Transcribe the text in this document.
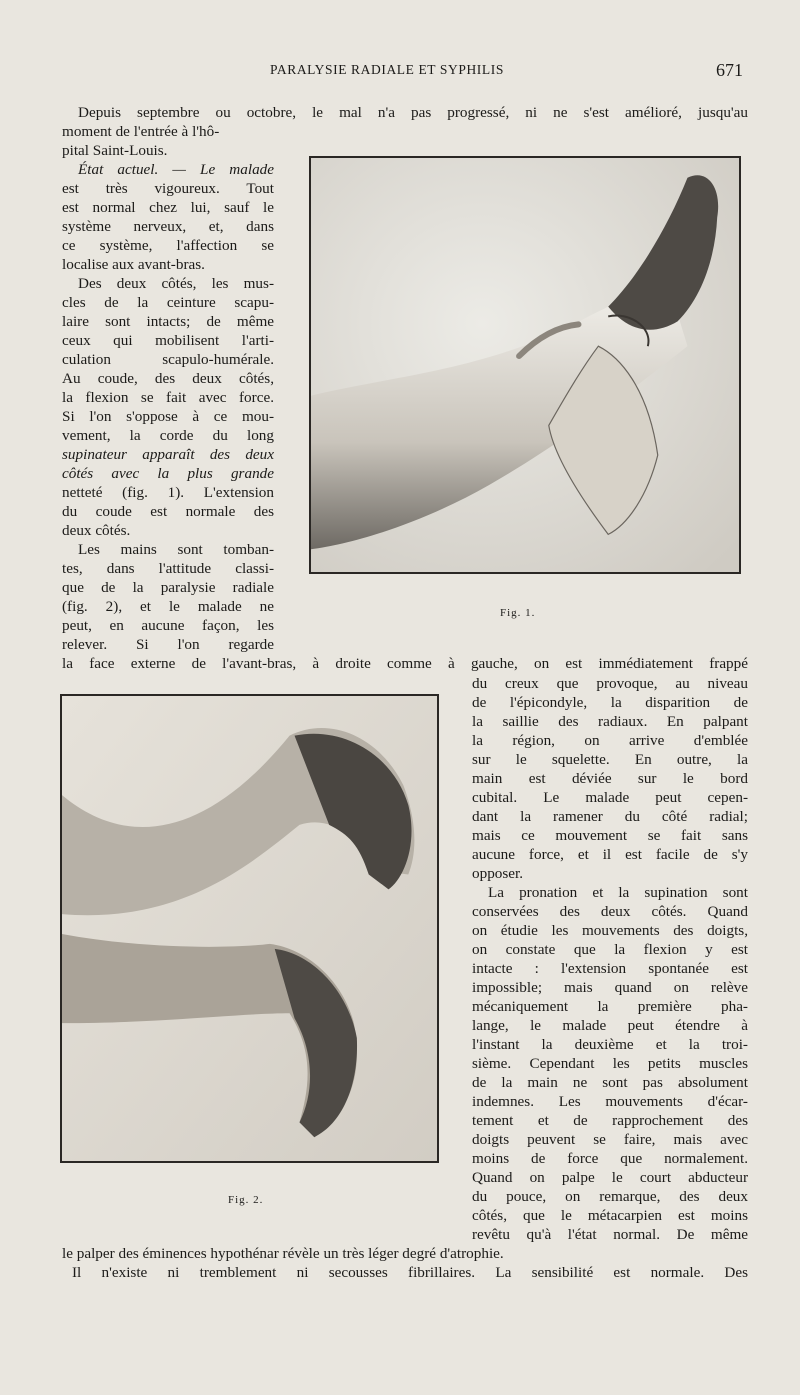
PARALYSIE RADIALE ET SYPHILIS	671
Fig. 1.
Fig. 2.
Depuis septembre ou octobre, le mal n'a pas progressé, ni ne s'est amélioré, jusqu'au
moment de l'entrée à l'hô-
pital Saint-Louis.
État actuel. — Le malade
est très vigoureux. Tout
est normal chez lui, sauf le
système nerveux, et, dans
ce système, l'affection se
localise aux avant-bras.
Des deux côtés, les mus-
cles de la ceinture scapu-
laire sont intacts; de même
ceux qui mobilisent l'arti-
culation scapulo-humérale.
Au coude, des deux côtés,
la flexion se fait avec force.
Si l'on s'oppose à ce mou-
vement, la corde du long
supinateur apparaît des deux
côtés avec la plus grande
netteté (fig. 1). L'extension
du coude est normale des
deux côtés.
Les mains sont tomban-
tes, dans l'attitude classi-
que de la paralysie radiale
(fig. 2), et le malade ne
peut, en aucune façon, les
relever. Si l'on regarde
la face externe de l'avant-bras, à droite comme à gauche, on est immédiatement frappé
du creux que provoque, au niveau
de l'épicondyle, la disparition de
la saillie des radiaux. En palpant
la région, on arrive d'emblée
sur le squelette. En outre, la
main est déviée sur le bord
cubital. Le malade peut cepen-
dant la ramener du côté radial;
mais ce mouvement se fait sans
aucune force, et il est facile de s'y
opposer.
La pronation et la supination sont
conservées des deux côtés. Quand
on étudie les mouvements des doigts,
on constate que la flexion y est
intacte : l'extension spontanée est
impossible; mais quand on relève
mécaniquement la première pha-
lange, le malade peut étendre à
l'instant la deuxième et la troi-
sième. Cependant les petits muscles
de la main ne sont pas absolument
indemnes. Les mouvements d'écar-
tement et de rapprochement des
doigts peuvent se faire, mais avec
moins de force que normalement.
Quand on palpe le court abducteur
du pouce, on remarque, des deux
côtés, que le métacarpien est moins
revêtu qu'à l'état normal. De même
le palper des éminences hypothénar révèle un très léger degré d'atrophie.
Il n'existe ni tremblement ni secousses fibrillaires. La sensibilité est normale. Des
